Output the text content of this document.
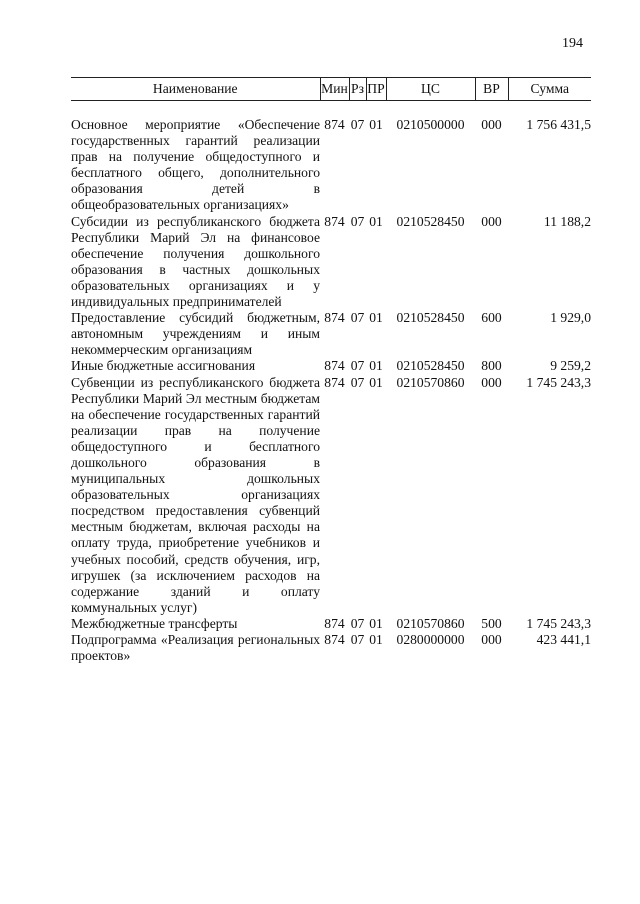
194
Наименование	Мин	Рз	ПР	ЦС	ВР	Сумма

Основное мероприятие «Обеспечение государственных гарантий реализации прав на получение общедоступного и бесплатного общего, дополнительного образования детей в общеобразовательных организациях»	874	07	01	0210500000	000	1 756 431,5
Субсидии из республиканского бюджета Республики Марий Эл на финансовое обеспечение получения дошкольного образования в частных дошкольных образовательных организациях и у индивидуальных предпринимателей	874	07	01	0210528450	000	11 188,2
Предоставление субсидий бюджетным, автономным учреждениям и иным некоммерческим организациям	874	07	01	0210528450	600	1 929,0
Иные бюджетные ассигнования	874	07	01	0210528450	800	9 259,2
Субвенции из республиканского бюджета Республики Марий Эл местным бюджетам на обеспечение государственных гарантий реализации прав на получение общедоступного и бесплатного дошкольного образования в муниципальных дошкольных образовательных организациях посредством предоставления субвенций местным бюджетам, включая расходы на оплату труда, приобретение учебников и учебных пособий, средств обучения, игр, игрушек (за исключением расходов на содержание зданий и оплату коммунальных услуг)	874	07	01	0210570860	000	1 745 243,3
Межбюджетные трансферты	874	07	01	0210570860	500	1 745 243,3
Подпрограмма «Реализация региональных проектов»	874	07	01	0280000000	000	423 441,1
